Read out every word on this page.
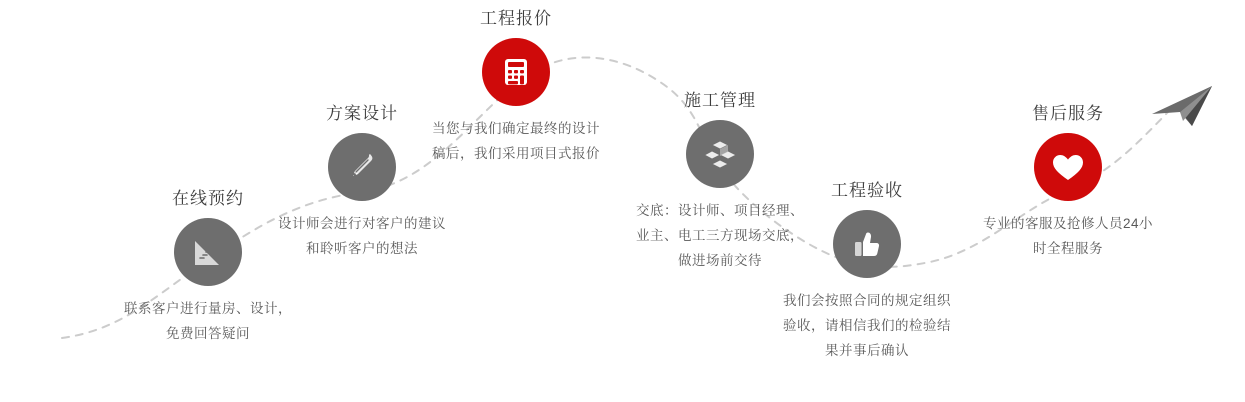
在线预约
联系客户进行量房、设计，免费回答疑问
方案设计
设计师会进行对客户的建议和聆听客户的想法
工程报价
当您与我们确定最终的设计稿后，我们采用项目式报价
施工管理
交底：设计师、项目经理、业主、电工三方现场交底，做进场前交待
工程验收
我们会按照合同的规定组织验收，请相信我们的检验结果并事后确认
售后服务
专业的客服及抢修人员24小时全程服务
